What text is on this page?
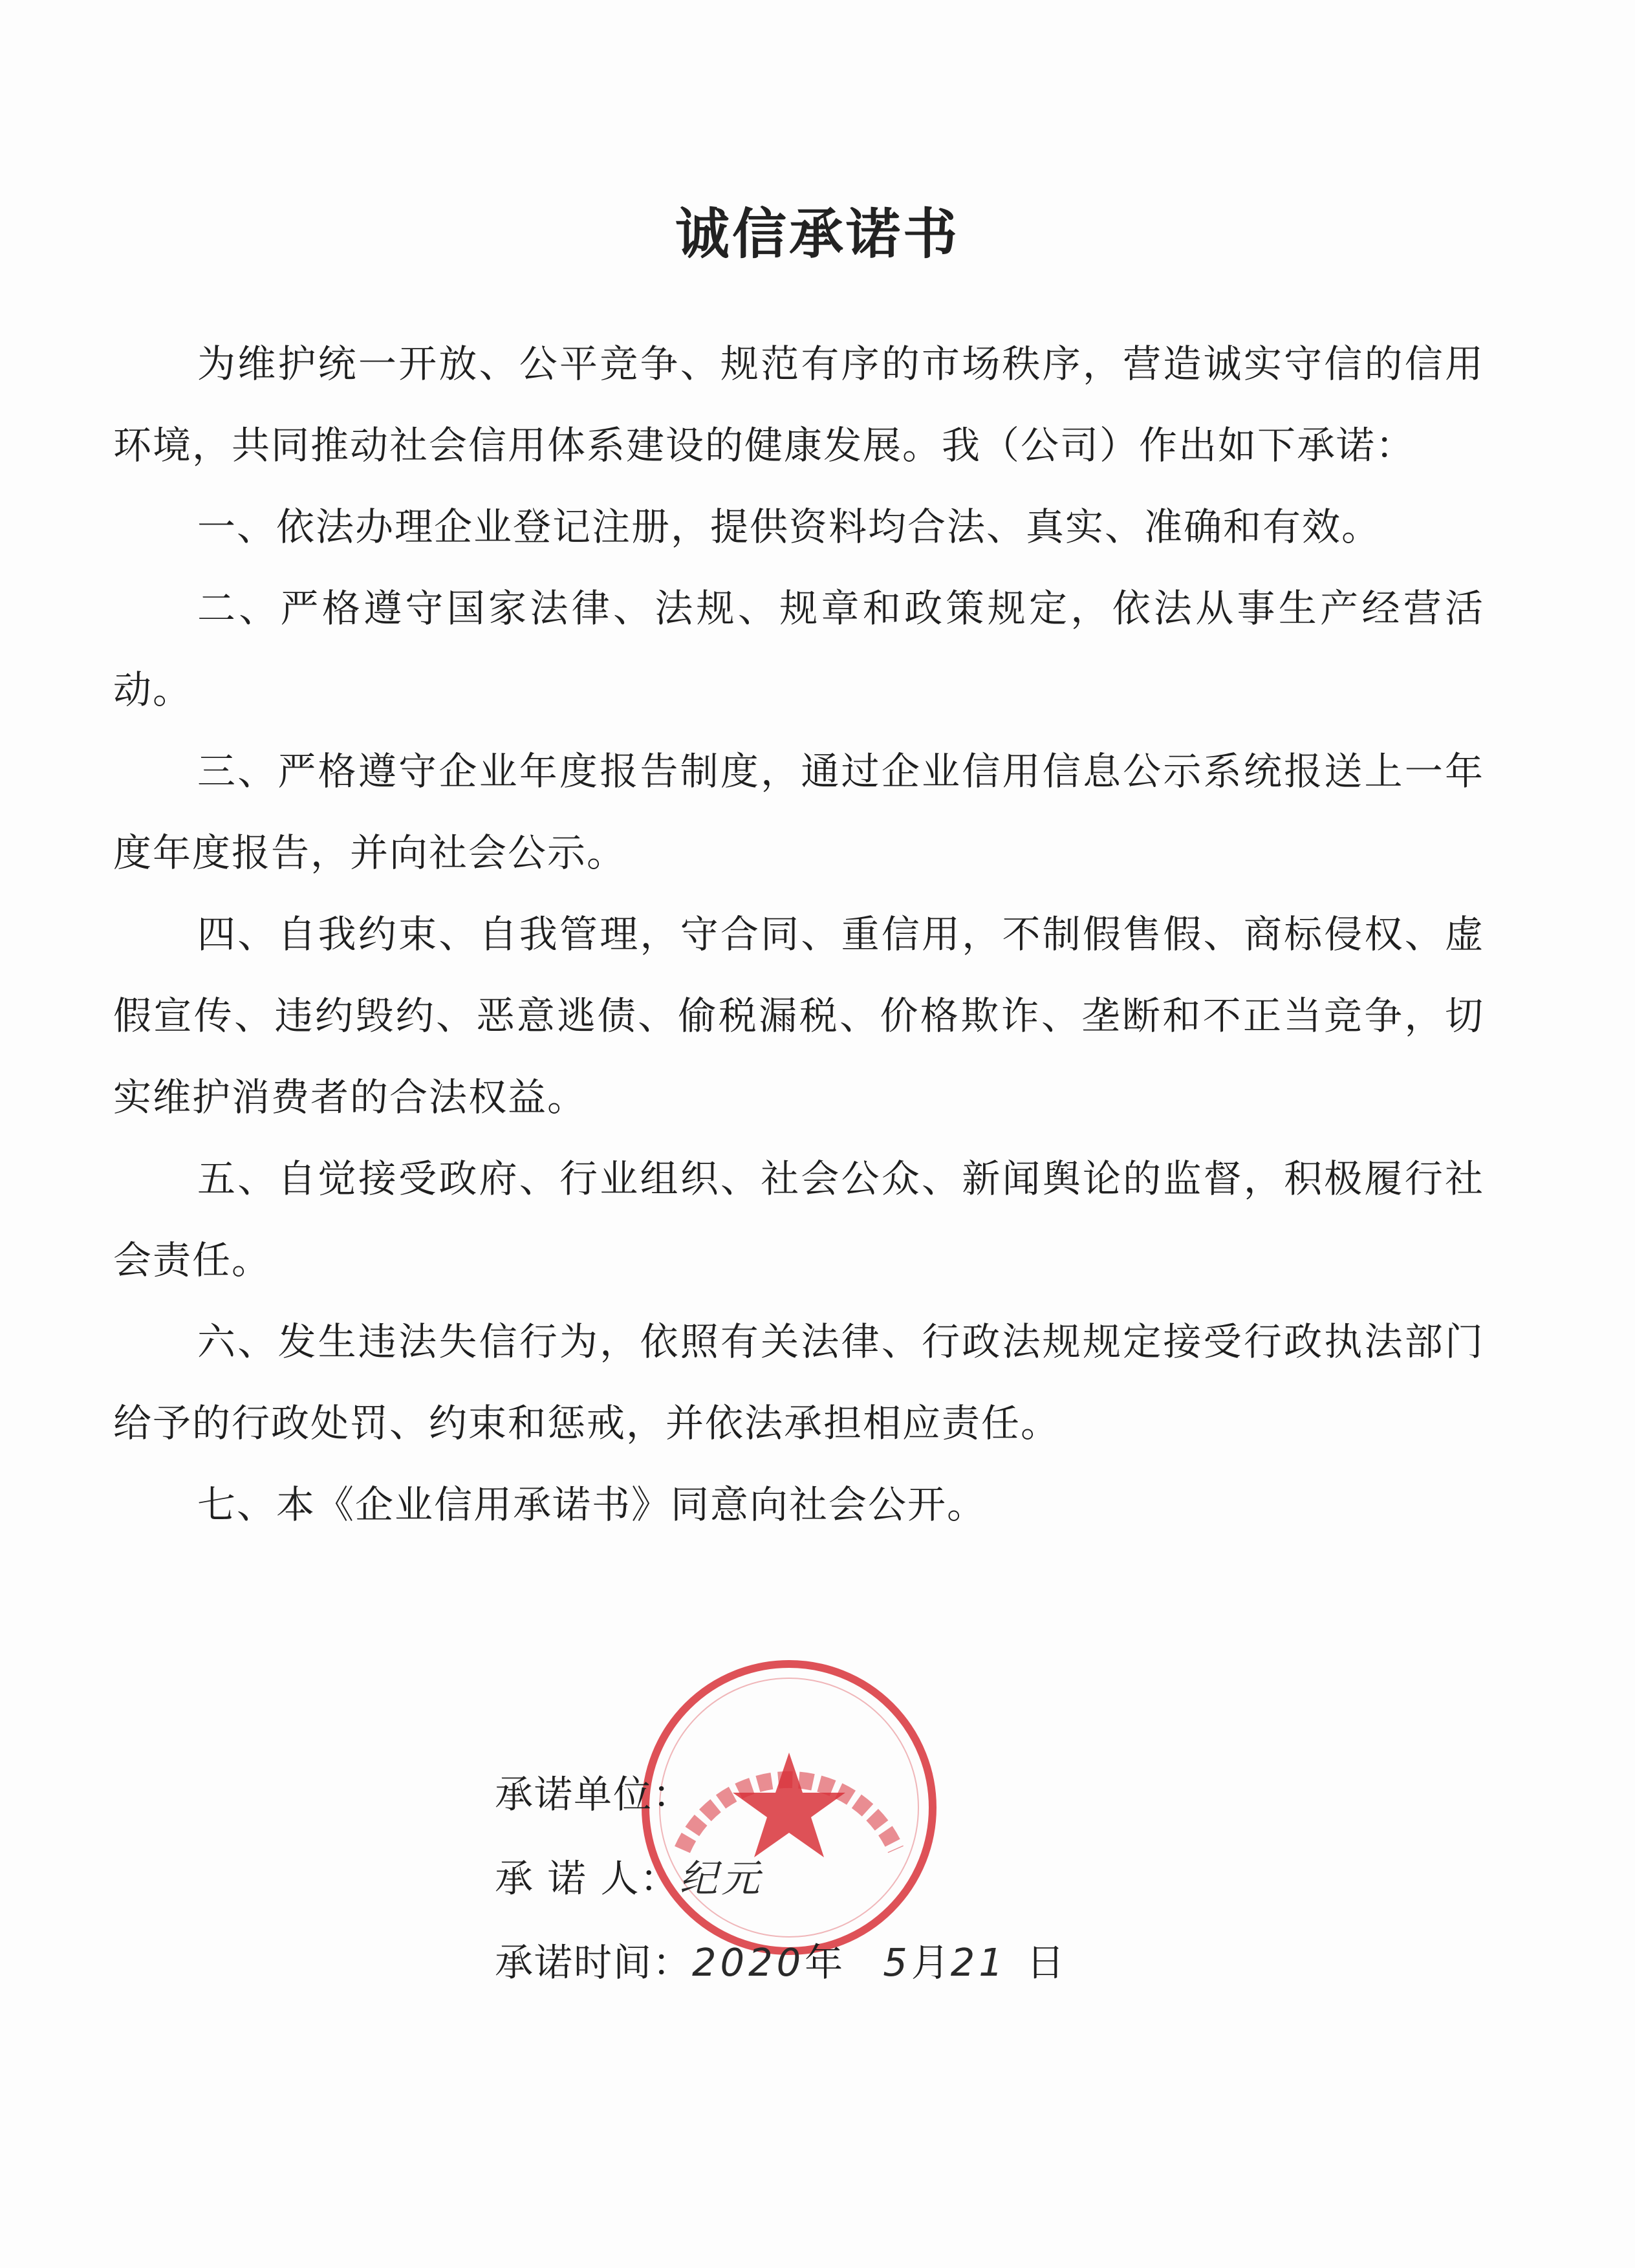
诚信承诺书

为维护统一开放、公平竞争、规范有序的市场秩序，营造诚实守信的信用环境，共同推动社会信用体系建设的健康发展。我（公司）作出如下承诺：

一、依法办理企业登记注册，提供资料均合法、真实、准确和有效。

二、严格遵守国家法律、法规、规章和政策规定，依法从事生产经营活动。

三、严格遵守企业年度报告制度，通过企业信用信息公示系统报送上一年度年度报告，并向社会公示。

四、自我约束、自我管理，守合同、重信用，不制假售假、商标侵权、虚假宣传、违约毁约、恶意逃债、偷税漏税、价格欺诈、垄断和不正当竞争，切实维护消费者的合法权益。

五、自觉接受政府、行业组织、社会公众、新闻舆论的监督，积极履行社会责任。

六、发生违法失信行为，依照有关法律、行政法规规定接受行政执法部门给予的行政处罚、约束和惩戒，并依法承担相应责任。

七、本《企业信用承诺书》同意向社会公开。

承诺单位：
承 诺 人： 纪元
承诺时间： 2020 年 5 月 21 日
